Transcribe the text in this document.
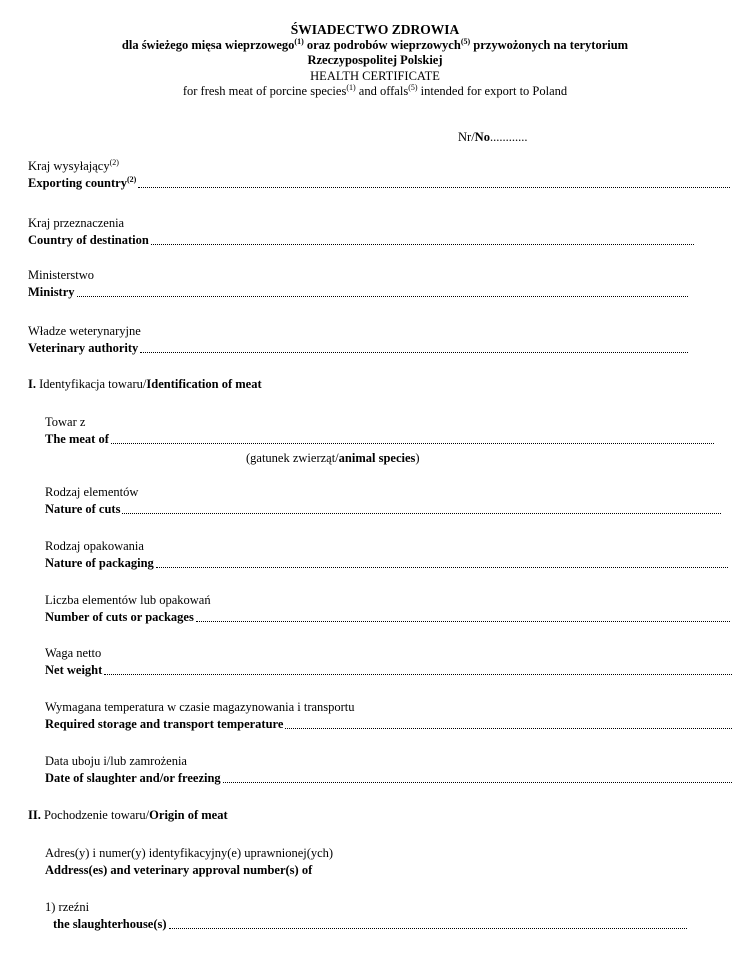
ŚWIADECTWO ZDROWIA
dla świeżego mięsa wieprzowego$^{(1)}$ oraz podrobów wieprzowych$^{(5)}$ przywożonych na terytorium
Rzeczypospolitej Polskiej
HEALTH CERTIFICATE
for fresh meat of porcine species$^{(1)}$ and offals$^{(5)}$ intended for export to Poland
Nr/No............
Kraj wysyłający$^{(2)}$
Exporting country$^{(2)}$
Kraj przeznaczenia
Country of destination
Ministerstwo
Ministry
Władze weterynaryjne
Veterinary authority
I. Identyfikacja towaru/Identification of meat
Towar z
The meat of
(gatunek zwierząt/animal species)
Rodzaj elementów
Nature of cuts
Rodzaj opakowania
Nature of packaging
Liczba elementów lub opakowań
Number of cuts or packages
Waga netto
Net weight
Wymagana temperatura w czasie magazynowania i transportu
Required storage and transport temperature
Data uboju i/lub zamrożenia
Date of slaughter and/or freezing
II. Pochodzenie towaru/Origin of meat
Adres(y) i numer(y) identyfikacyjny(e) uprawnionej(ych)
Address(es) and veterinary approval number(s) of
1) rzeźni
the slaughterhouse(s)
